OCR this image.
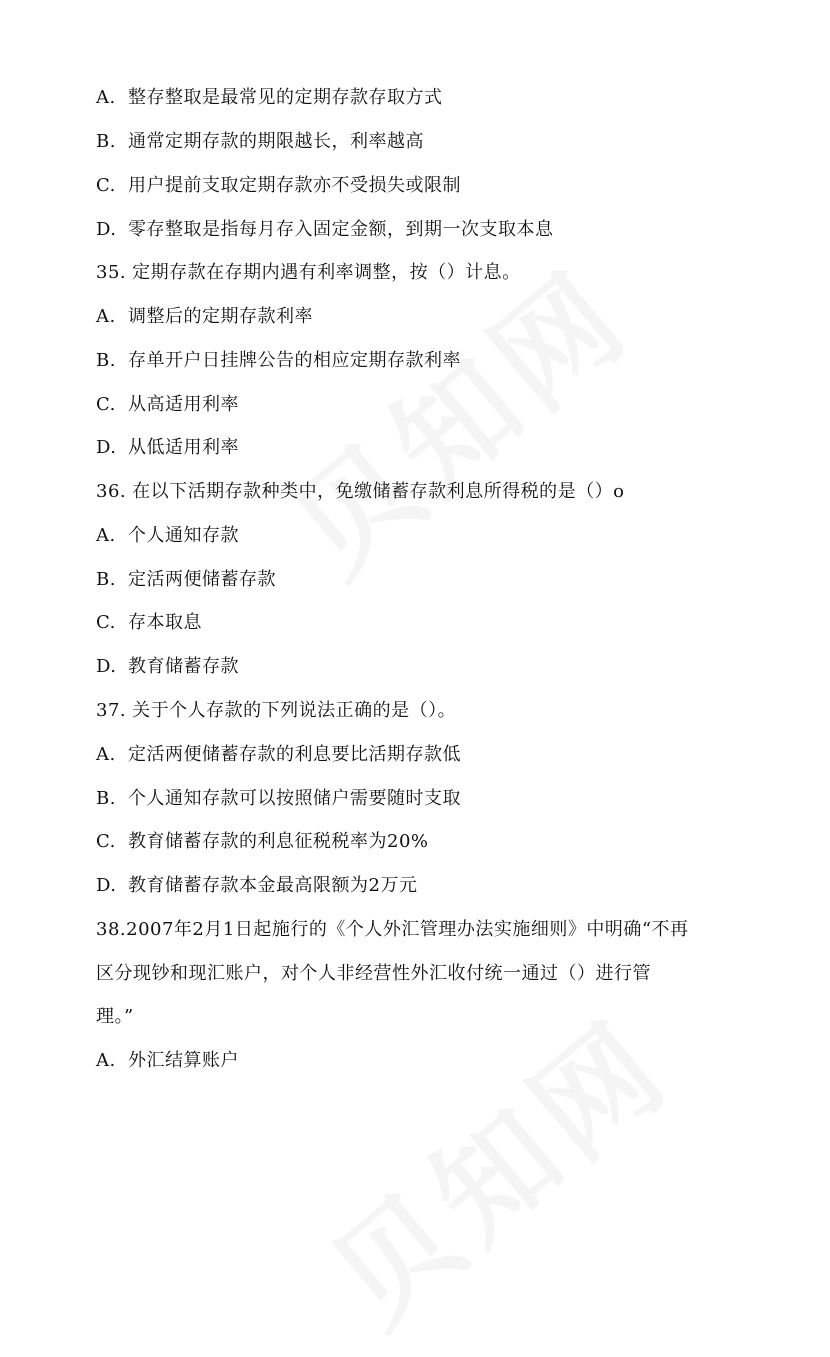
A. 整存整取是最常见的定期存款存取方式
B. 通常定期存款的期限越长，利率越高
C. 用户提前支取定期存款亦不受损失或限制
D. 零存整取是指每月存入固定金额，到期一次支取本息
35. 定期存款在存期内遇有利率调整，按（）计息。
A. 调整后的定期存款利率
B. 存单开户日挂牌公告的相应定期存款利率
C. 从高适用利率
D. 从低适用利率
36. 在以下活期存款种类中，免缴储蓄存款利息所得税的是（）o
A. 个人通知存款
B. 定活两便储蓄存款
C. 存本取息
D. 教育储蓄存款
37. 关于个人存款的下列说法正确的是（）。
A. 定活两便储蓄存款的利息要比活期存款低
B. 个人通知存款可以按照储户需要随时支取
C. 教育储蓄存款的利息征税税率为20%
D. 教育储蓄存款本金最高限额为2万元
38.2007年2月1日起施行的《个人外汇管理办法实施细则》中明确“不再
区分现钞和现汇账户，对个人非经营性外汇收付统一通过（）进行管
理。”
A. 外汇结算账户
